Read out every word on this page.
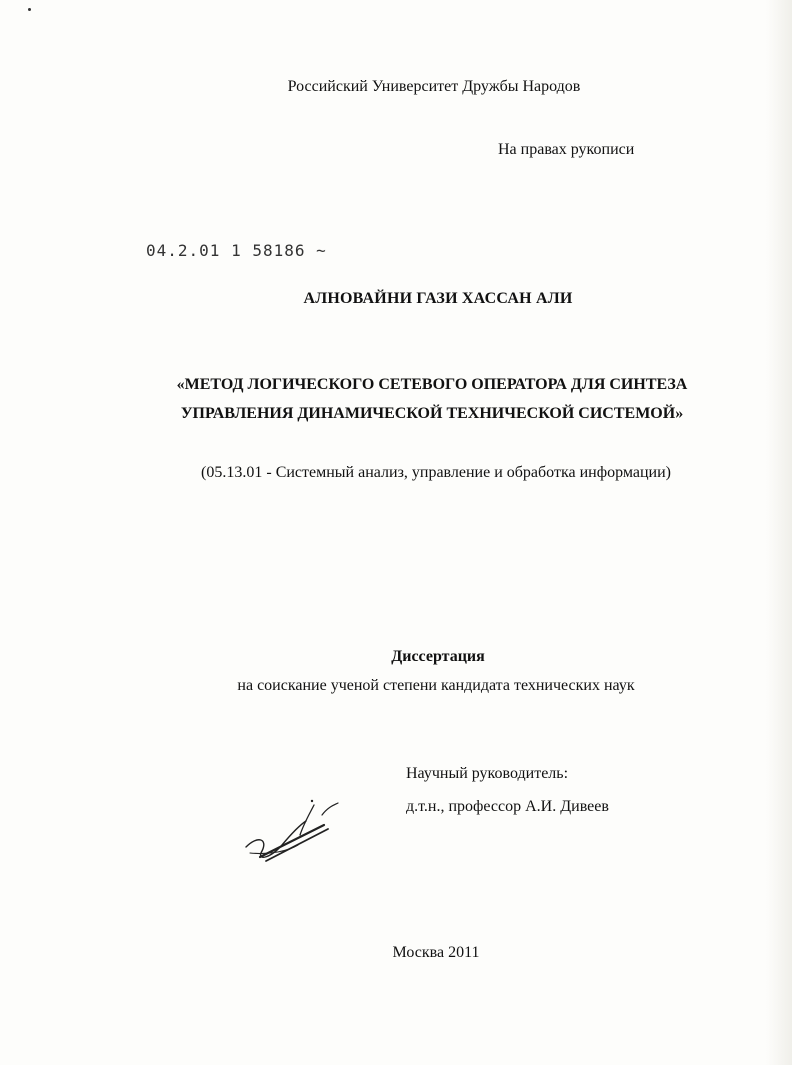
Российский Университет Дружбы Народов
На правах рукописи
04.2.01 1 58186 ~
АЛНОВАЙНИ ГАЗИ ХАССАН АЛИ
«МЕТОД ЛОГИЧЕСКОГО СЕТЕВОГО ОПЕРАТОРА ДЛЯ СИНТЕЗА
УПРАВЛЕНИЯ ДИНАМИЧЕСКОЙ ТЕХНИЧЕСКОЙ СИСТЕМОЙ»
(05.13.01 - Системный анализ, управление и обработка информации)
Диссертация
на соискание ученой степени кандидата технических наук
Научный руководитель:
д.т.н., профессор А.И. Дивеев
Москва 2011
